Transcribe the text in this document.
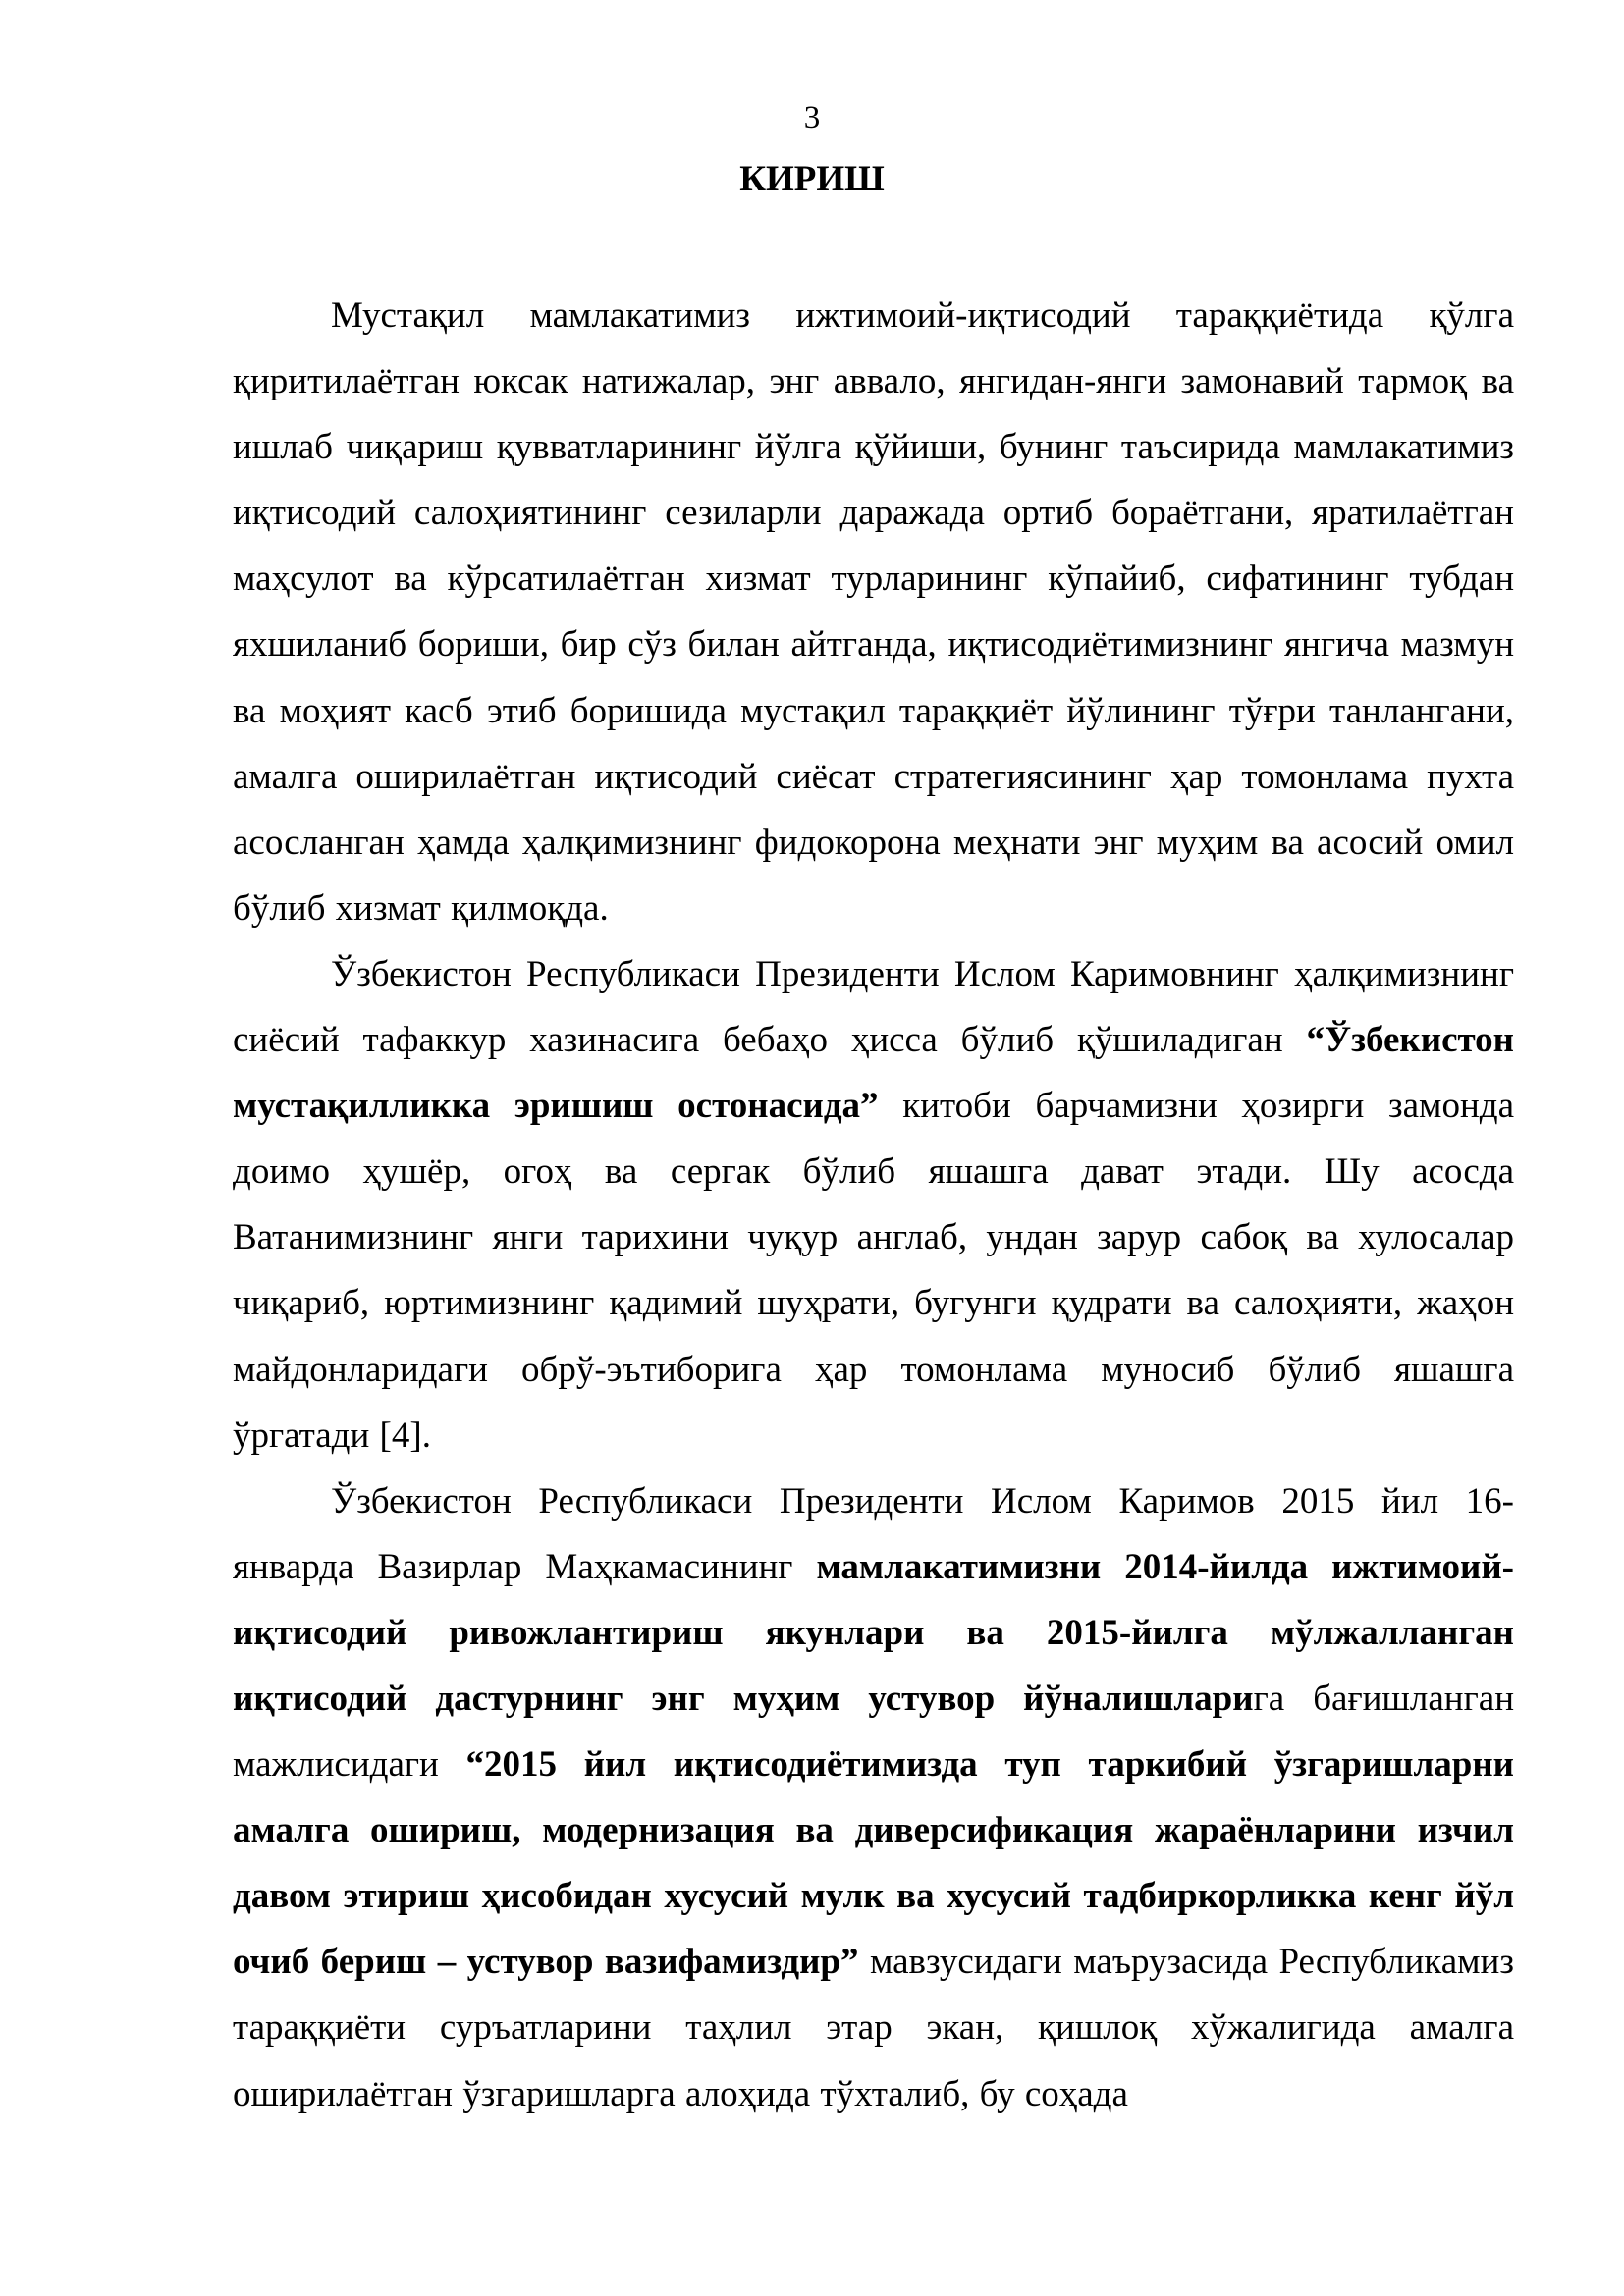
3
КИРИШ

Мустақил мамлакатимиз ижтимоий-иқтисодий тараққиётида қўлга қиритилаётган юксак натижалар, энг аввало, янгидан-янги замонавий тармоқ ва ишлаб чиқариш қувватларининг йўлга қўйиши, бунинг таъсирида мамлакатимиз иқтисодий салоҳиятининг сезиларли даражада ортиб бораётгани, яратилаётган маҳсулот ва кўрсатилаётган хизмат турларининг кўпайиб, сифатининг тубдан яхшиланиб бориши, бир сўз билан айтганда, иқтисодиётимизнинг янгича мазмун ва моҳият касб этиб боришида мустақил тараққиёт йўлининг тўғри танлангани, амалга оширилаётган иқтисодий сиёсат стратегиясининг ҳар томонлама пухта асосланган ҳамда ҳалқимизнинг фидокорона меҳнати энг муҳим ва асосий омил бўлиб хизмат қилмоқда.

Ўзбекистон Республикаси Президенти Ислом Каримовнинг ҳалқимизнинг сиёсий тафаккур хазинасига бебаҳо ҳисса бўлиб қўшиладиган “Ўзбекистон мустақилликка эришиш остонасида” китоби барчамизни ҳозирги замонда доимо ҳушёр, огоҳ ва сергак бўлиб яшашга дават этади. Шу асосда Ватанимизнинг янги тарихини чуқур англаб, ундан зарур сабоқ ва хулосалар чиқариб, юртимизнинг қадимий шуҳрати, бугунги қудрати ва салоҳияти, жаҳон майдонларидаги обрў-эътиборига ҳар томонлама муносиб бўлиб яшашга ўргатади [4].

Ўзбекистон Республикаси Президенти Ислом Каримов 2015 йил 16-январда Вазирлар Маҳкамасининг мамлакатимизни 2014-йилда ижтимоий-иқтисодий ривожлантириш якунлари ва 2015-йилга мўлжалланган иқтисодий дастурнинг энг муҳим устувор йўналишларига бағишланган мажлисидаги “2015 йил иқтисодиётимизда туп таркибий ўзгаришларни амалга ошириш, модернизация ва диверсификация жараёнларини изчил давом этириш ҳисобидан хусусий мулк ва хусусий тадбиркорликка кенг йўл очиб бериш – устувор вазифамиздир” мавзусидаги маърузасида Республикамиз тараққиёти суръатларини таҳлил этар экан, қишлоқ хўжалигида амалга оширилаётган ўзгаришларга алоҳида тўхталиб, бу соҳада
